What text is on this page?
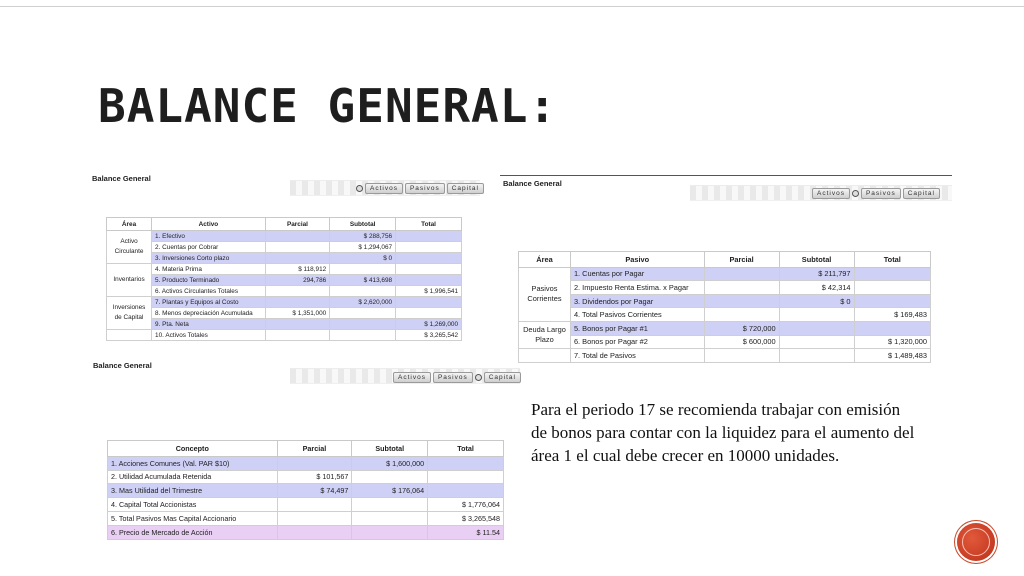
BALANCE GENERAL:
Balance General
Activos	Pasivos	Capital
Área	Activo	Parcial	Subtotal	Total
Activo Circulante	1. Efectivo		$ 288,756	
	2. Cuentas por Cobrar		$ 1,294,067	
	3. Inversiones Corto plazo		$ 0	
Inventarios	4. Materia Prima	$ 118,912		
	5. Producto Terminado	294,786	$ 413,698	
	6. Activos Circulantes Totales			$ 1,996,541
Inversiones de Capital	7. Plantas y Equipos al Costo		$ 2,620,000	
	8. Menos depreciación Acumulada	$ 1,351,000		
	9. Pta. Neta			$ 1,269,000
	10. Activos Totales			$ 3,265,542
Balance General
Activos	Pasivos	Capital
Área	Pasivo	Parcial	Subtotal	Total
Pasivos Corrientes	1. Cuentas por Pagar		$ 211,797	
	2. Impuesto Renta Estima. x Pagar		$ 42,314	
	3. Dividendos por Pagar		$ 0	
	4. Total Pasivos Corrientes			$ 169,483
Deuda Largo Plazo	5. Bonos por Pagar #1	$ 720,000		
	6. Bonos por Pagar #2	$ 600,000		$ 1,320,000
	7. Total de Pasivos			$ 1,489,483
Balance General
Activos	Pasivos	Capital
Concepto	Parcial	Subtotal	Total
1. Acciones Comunes (Val. PAR $10)		$ 1,600,000	
2. Utilidad Acumulada Retenida	$ 101,567		
3. Mas Utilidad del Trimestre	$ 74,497	$ 176,064	
4. Capital Total Accionistas			$ 1,776,064
5. Total Pasivos Mas Capital Accionario			$ 3,265,548
6. Precio de Mercado de Acción			$ 11.54

Para el periodo 17 se recomienda trabajar con emisión de bonos para contar con la liquidez para el aumento del área 1 el cual debe crecer en 10000 unidades.
